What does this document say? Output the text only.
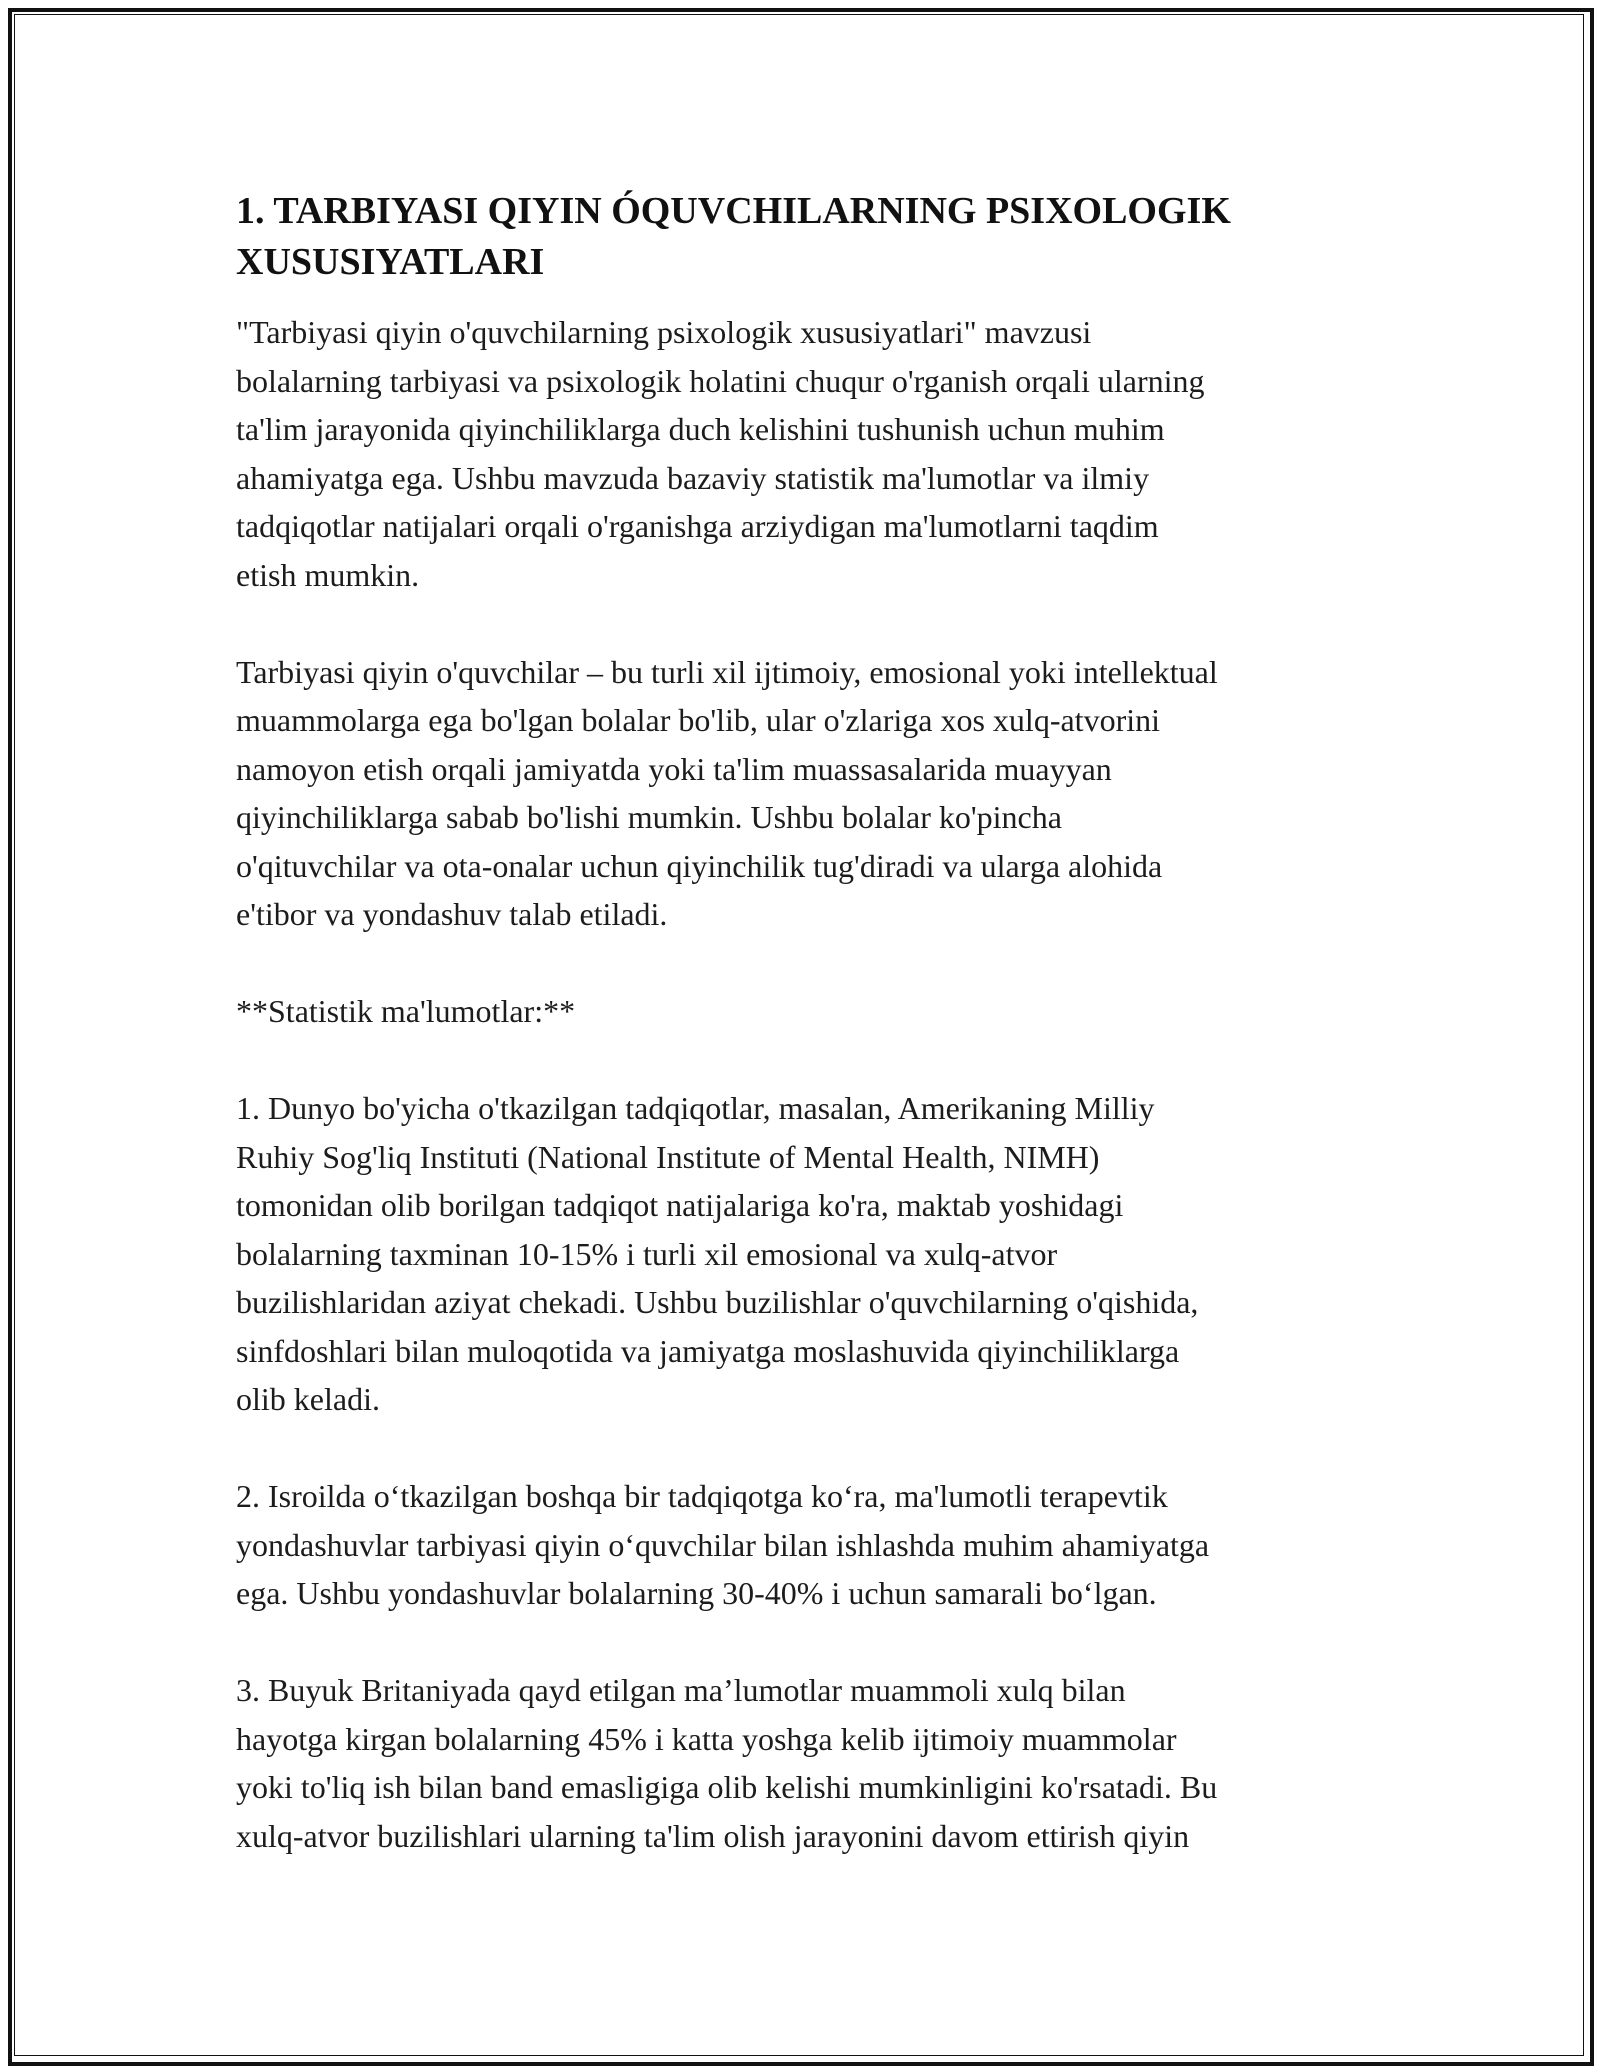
1. TARBIYASI QIYIN ÓQUVCHILARNING PSIXOLOGIK
XUSUSIYATLARI

"Tarbiyasi qiyin o'quvchilarning psixologik xususiyatlari" mavzusi
bolalarning tarbiyasi va psixologik holatini chuqur o'rganish orqali ularning
ta'lim jarayonida qiyinchiliklarga duch kelishini tushunish uchun muhim
ahamiyatga ega. Ushbu mavzuda bazaviy statistik ma'lumotlar va ilmiy
tadqiqotlar natijalari orqali o'rganishga arziydigan ma'lumotlarni taqdim
etish mumkin.

Tarbiyasi qiyin o'quvchilar – bu turli xil ijtimoiy, emosional yoki intellektual
muammolarga ega bo'lgan bolalar bo'lib, ular o'zlariga xos xulq-atvorini
namoyon etish orqali jamiyatda yoki ta'lim muassasalarida muayyan
qiyinchiliklarga sabab bo'lishi mumkin. Ushbu bolalar ko'pincha
o'qituvchilar va ota-onalar uchun qiyinchilik tug'diradi va ularga alohida
e'tibor va yondashuv talab etiladi.

**Statistik ma'lumotlar:**

1. Dunyo bo'yicha o'tkazilgan tadqiqotlar, masalan, Amerikaning Milliy
Ruhiy Sog'liq Instituti (National Institute of Mental Health, NIMH)
tomonidan olib borilgan tadqiqot natijalariga ko'ra, maktab yoshidagi
bolalarning taxminan 10-15% i turli xil emosional va xulq-atvor
buzilishlaridan aziyat chekadi. Ushbu buzilishlar o'quvchilarning o'qishida,
sinfdoshlari bilan muloqotida va jamiyatga moslashuvida qiyinchiliklarga
olib keladi.

2. Isroilda o‘tkazilgan boshqa bir tadqiqotga ko‘ra, ma'lumotli terapevtik
yondashuvlar tarbiyasi qiyin o‘quvchilar bilan ishlashda muhim ahamiyatga
ega. Ushbu yondashuvlar bolalarning 30-40% i uchun samarali bo‘lgan.

3. Buyuk Britaniyada qayd etilgan ma’lumotlar muammoli xulq bilan
hayotga kirgan bolalarning 45% i katta yoshga kelib ijtimoiy muammolar
yoki to'liq ish bilan band emasligiga olib kelishi mumkinligini ko'rsatadi. Bu
xulq-atvor buzilishlari ularning ta'lim olish jarayonini davom ettirish qiyin
